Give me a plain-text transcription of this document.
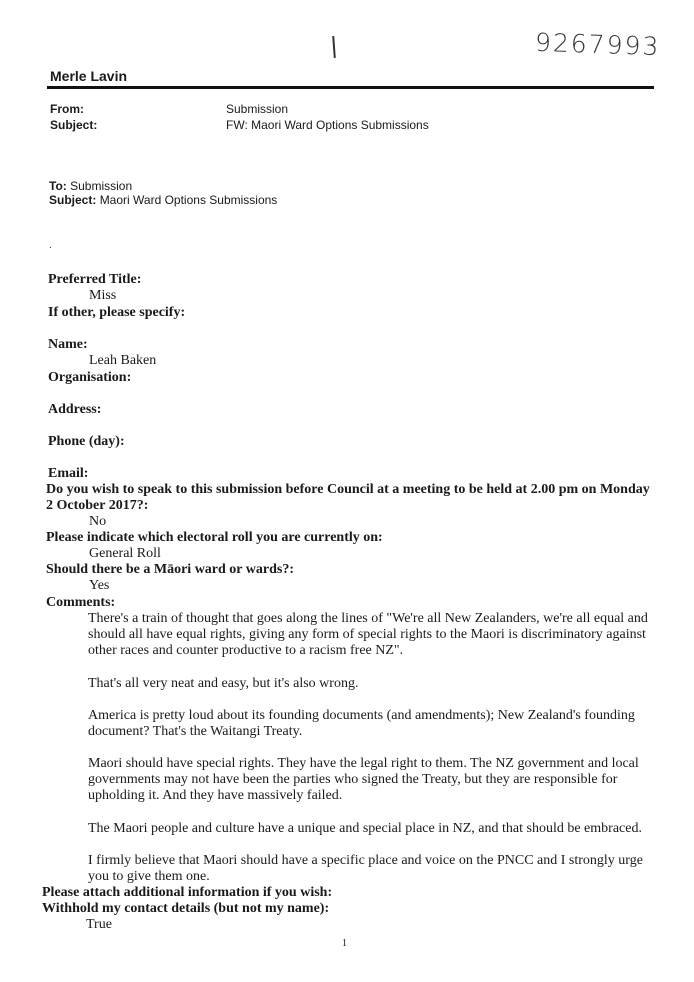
9267993
Merle Lavin
From:	Submission
Subject:	FW: Maori Ward Options Submissions
To: Submission
Subject: Maori Ward Options Submissions
.
Preferred Title:
Miss
If other, please specify:
Name:
Leah Baken
Organisation:
Address:
Phone (day):
Email:
Do you wish to speak to this submission before Council at a meeting to be held at 2.00 pm on Monday
2 October 2017?:
No
Please indicate which electoral roll you are currently on:
General Roll
Should there be a Māori ward or wards?:
Yes
Comments:
There's a train of thought that goes along the lines of "We're all New Zealanders, we're all equal and should all have equal rights, giving any form of special rights to the Maori is discriminatory against other races and counter productive to a racism free NZ".
That's all very neat and easy, but it's also wrong.
America is pretty loud about its founding documents (and amendments); New Zealand's founding document? That's the Waitangi Treaty.
Maori should have special rights. They have the legal right to them. The NZ government and local governments may not have been the parties who signed the Treaty, but they are responsible for upholding it. And they have massively failed.
The Maori people and culture have a unique and special place in NZ, and that should be embraced.
I firmly believe that Maori should have a specific place and voice on the PNCC and I strongly urge you to give them one.
Please attach additional information if you wish:
Withhold my contact details (but not my name):
True
1
